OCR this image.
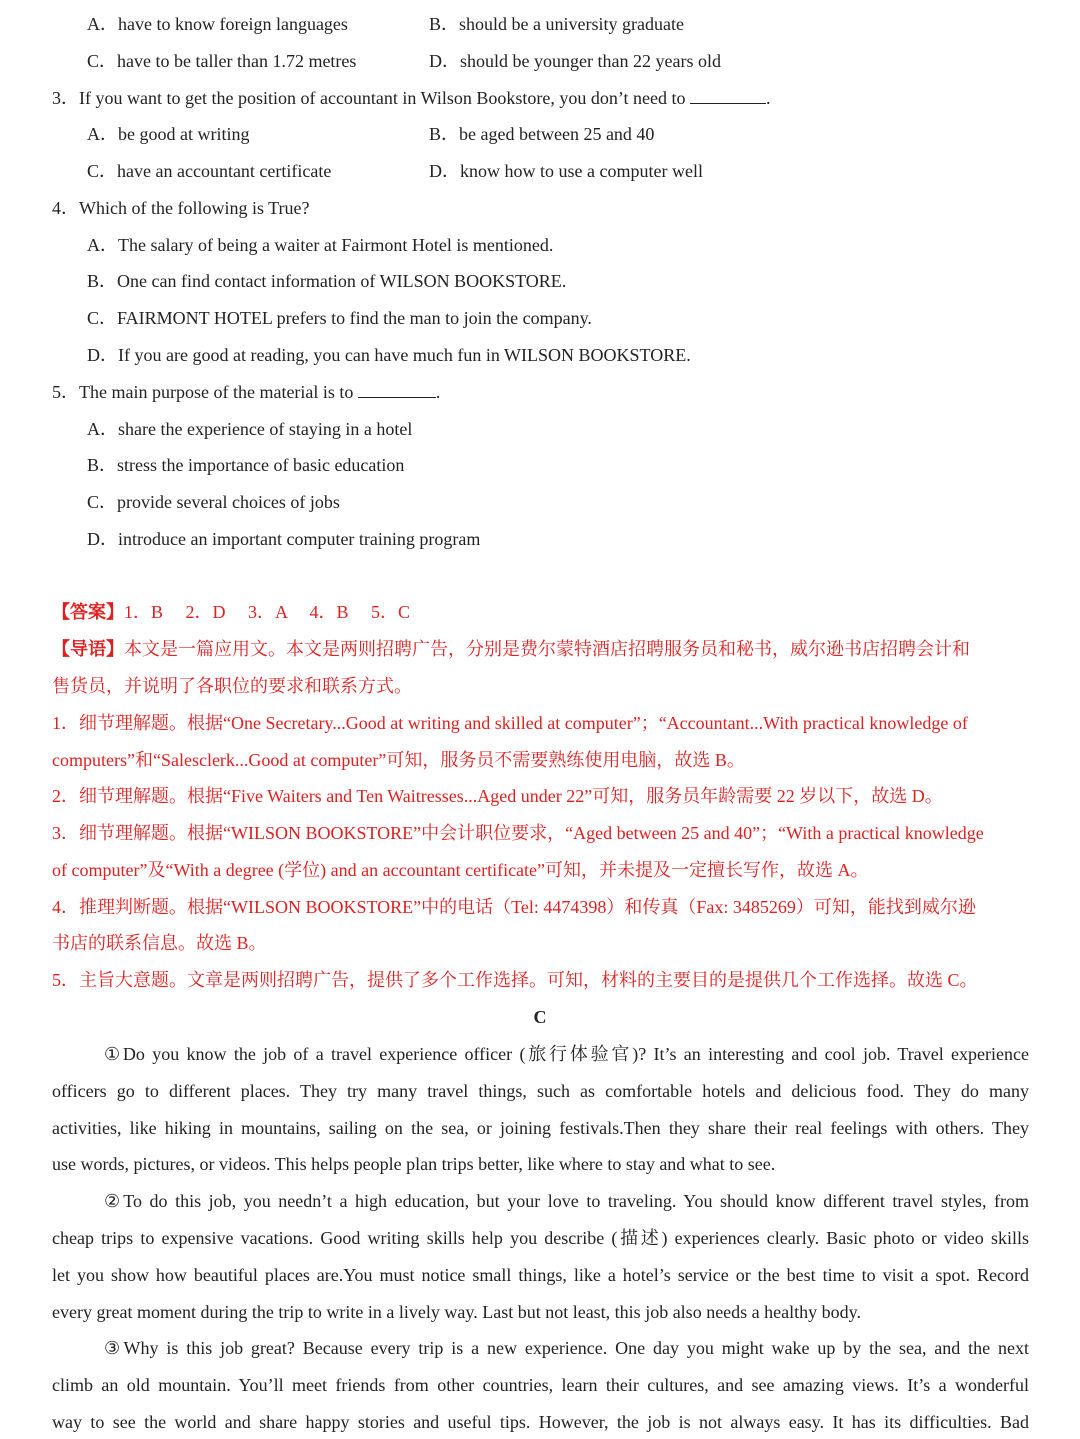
A．have to know foreign languages	B．should be a university graduate
C．have to be taller than 1.72 metres	D．should be younger than 22 years old
3．If you want to get the position of accountant in Wilson Bookstore, you don’t need to	.
A．be good at writing	B．be aged between 25 and 40
C．have an accountant certificate	D．know how to use a computer well
4．Which of the following is True?
A．The salary of being a waiter at Fairmont Hotel is mentioned.
B．One can find contact information of WILSON BOOKSTORE.
C．FAIRMONT HOTEL prefers to find the man to join the company.
D．If you are good at reading, you can have much fun in WILSON BOOKSTORE.
5．The main purpose of the material is to	.
A．share the experience of staying in a hotel
B．stress the importance of basic education
C．provide several choices of jobs
D．introduce an important computer training program
【答案】1．B　 2．D　 3．A　 4．B　 5．C
【导语】本文是一篇应用文。本文是两则招聘广告，分别是费尔蒙特酒店招聘服务员和秘书，威尔逊书店招聘会计和
售货员，并说明了各职位的要求和联系方式。
1．细节理解题。根据“One Secretary...Good at writing and skilled at computer”；“Accountant...With practical knowledge of
computers”和“Salesclerk...Good at computer”可知，服务员不需要熟练使用电脑，故选 B。
2．细节理解题。根据“Five Waiters and Ten Waitresses...Aged under 22”可知，服务员年龄需要 22 岁以下，故选 D。
3．细节理解题。根据“WILSON BOOKSTORE”中会计职位要求，“Aged between 25 and 40”；“With a practical knowledge
of computer”及“With a degree (学位) and an accountant certificate”可知，并未提及一定擅长写作，故选 A。
4．推理判断题。根据“WILSON BOOKSTORE”中的电话（Tel: 4474398）和传真（Fax: 3485269）可知，能找到威尔逊
书店的联系信息。故选 B。
5．主旨大意题。文章是两则招聘广告，提供了多个工作选择。可知，材料的主要目的是提供几个工作选择。故选 C。
C
①Do you know the job of a travel experience officer (旅行体验官)? It’s an interesting and cool job. Travel experience
officers go to different places. They try many travel things, such as comfortable hotels and delicious food. They do many
activities, like hiking in mountains, sailing on the sea, or joining festivals.Then they share their real feelings with others. They
use words, pictures, or videos. This helps people plan trips better, like where to stay and what to see.
②To do this job, you needn’t a high education, but your love to traveling. You should know different travel styles, from
cheap trips to expensive vacations. Good writing skills help you describe (描述) experiences clearly. Basic photo or video skills
let you show how beautiful places are.You must notice small things, like a hotel’s service or the best time to visit a spot. Record
every great moment during the trip to write in a lively way. Last but not least, this job also needs a healthy body.
③Why is this job great? Because every trip is a new experience. One day you might wake up by the sea, and the next
climb an old mountain. You’ll meet friends from other countries, learn their cultures, and see amazing views. It’s a wonderful
way to see the world and share happy stories and useful tips. However, the job is not always easy. It has its difficulties. Bad
